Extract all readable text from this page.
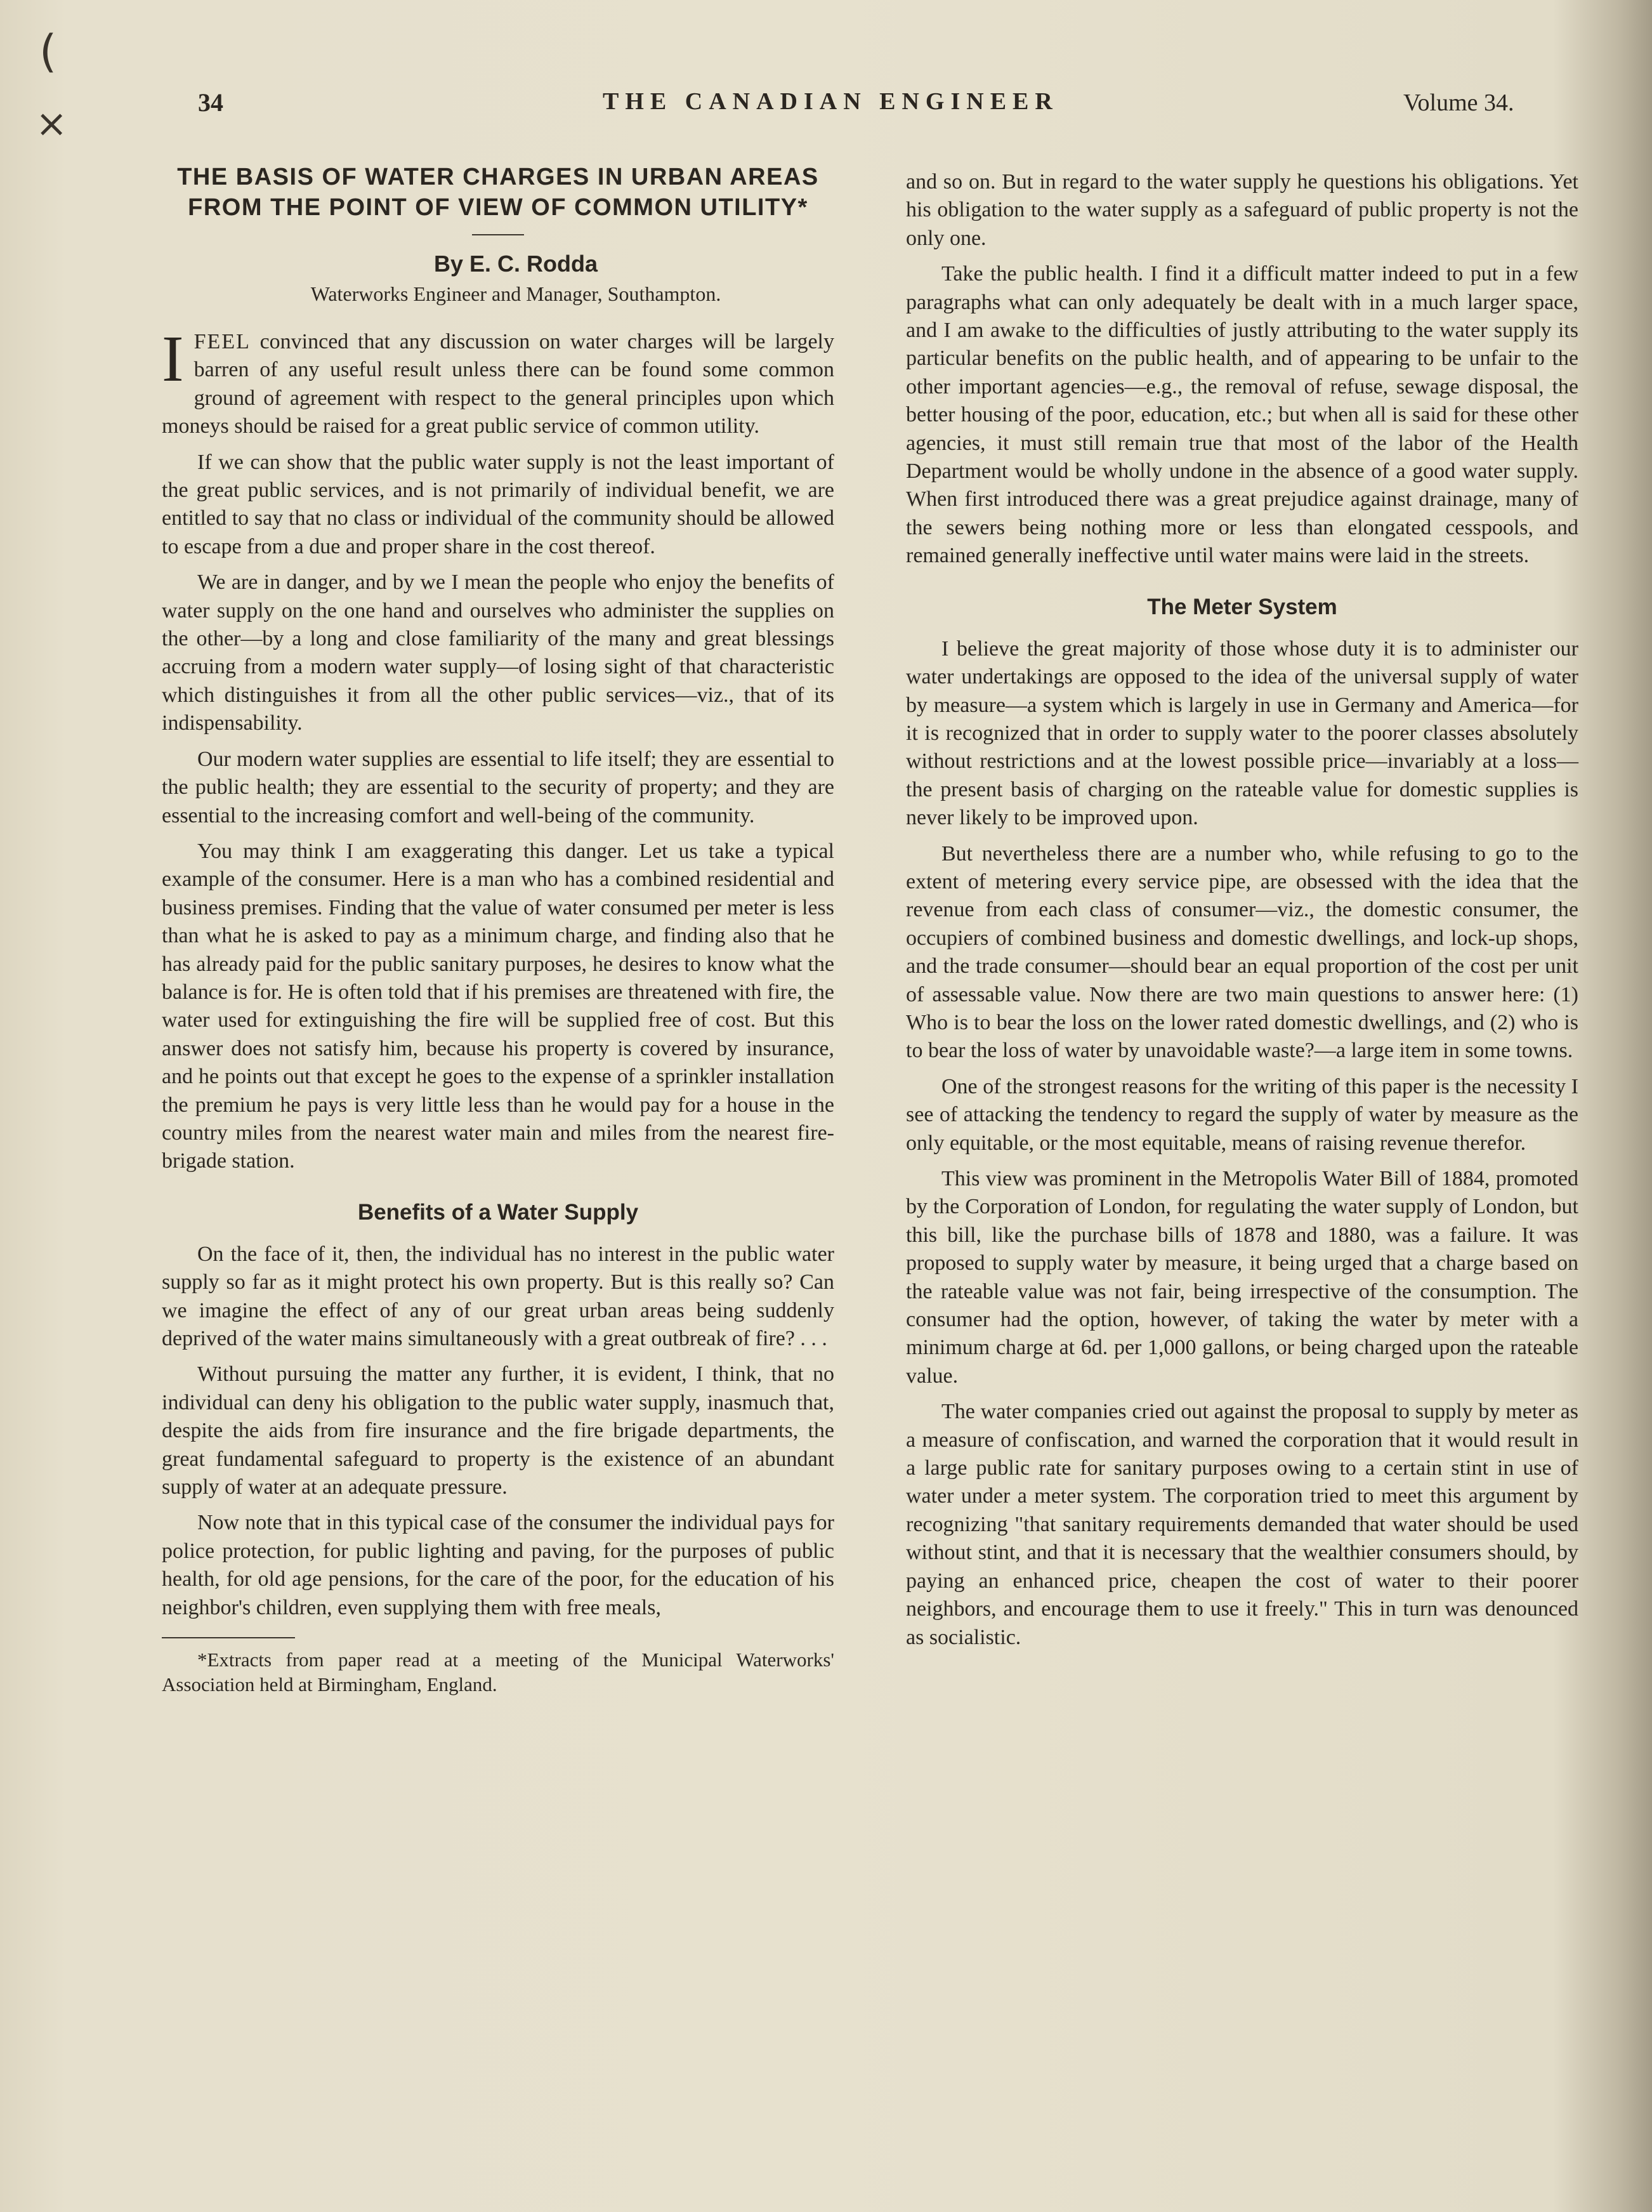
(
×	34	THE CANADIAN ENGINEER	Volume 34.
THE BASIS OF WATER CHARGES IN URBAN AREAS FROM THE POINT OF VIEW OF COMMON UTILITY*

By E. C. Rodda

Waterworks Engineer and Manager, Southampton.

IFEEL convinced that any discussion on water charges will be largely barren of any useful result unless there can be found some common ground of agreement with respect to the general principles upon which moneys should be raised for a great public service of common utility.

If we can show that the public water supply is not the least important of the great public services, and is not primarily of individual benefit, we are entitled to say that no class or individual of the community should be allowed to escape from a due and proper share in the cost thereof.

We are in danger, and by we I mean the people who enjoy the benefits of water supply on the one hand and ourselves who administer the supplies on the other—by a long and close familiarity of the many and great blessings accruing from a modern water supply—of losing sight of that characteristic which distinguishes it from all the other public services—viz., that of its indispensability.

Our modern water supplies are essential to life itself; they are essential to the public health; they are essential to the security of property; and they are essential to the increasing comfort and well-being of the community.

You may think I am exaggerating this danger. Let us take a typical example of the consumer. Here is a man who has a combined residential and business premises. Finding that the value of water consumed per meter is less than what he is asked to pay as a minimum charge, and finding also that he has already paid for the public sanitary purposes, he desires to know what the balance is for. He is often told that if his premises are threatened with fire, the water used for extinguishing the fire will be supplied free of cost. But this answer does not satisfy him, because his property is covered by insurance, and he points out that except he goes to the expense of a sprinkler installation the premium he pays is very little less than he would pay for a house in the country miles from the nearest water main and miles from the nearest fire-brigade station.

Benefits of a Water Supply

On the face of it, then, the individual has no interest in the public water supply so far as it might protect his own property. But is this really so? Can we imagine the effect of any of our great urban areas being suddenly deprived of the water mains simultaneously with a great outbreak of fire? . . .

Without pursuing the matter any further, it is evident, I think, that no individual can deny his obligation to the public water supply, inasmuch that, despite the aids from fire insurance and the fire brigade departments, the great fundamental safeguard to property is the existence of an abundant supply of water at an adequate pressure.

Now note that in this typical case of the consumer the individual pays for police protection, for public lighting and paving, for the purposes of public health, for old age pensions, for the care of the poor, for the education of his neighbor's children, even supplying them with free meals,

*Extracts from paper read at a meeting of the Municipal Waterworks' Association held at Birmingham, England.

and so on. But in regard to the water supply he questions his obligations. Yet his obligation to the water supply as a safeguard of public property is not the only one.

Take the public health. I find it a difficult matter indeed to put in a few paragraphs what can only adequately be dealt with in a much larger space, and I am awake to the difficulties of justly attributing to the water supply its particular benefits on the public health, and of appearing to be unfair to the other important agencies—e.g., the removal of refuse, sewage disposal, the better housing of the poor, education, etc.; but when all is said for these other agencies, it must still remain true that most of the labor of the Health Department would be wholly undone in the absence of a good water supply. When first introduced there was a great prejudice against drainage, many of the sewers being nothing more or less than elongated cesspools, and remained generally ineffective until water mains were laid in the streets.

The Meter System

I believe the great majority of those whose duty it is to administer our water undertakings are opposed to the idea of the universal supply of water by measure—a system which is largely in use in Germany and America—for it is recognized that in order to supply water to the poorer classes absolutely without restrictions and at the lowest possible price—invariably at a loss—the present basis of charging on the rateable value for domestic supplies is never likely to be improved upon.

But nevertheless there are a number who, while refusing to go to the extent of metering every service pipe, are obsessed with the idea that the revenue from each class of consumer—viz., the domestic consumer, the occupiers of combined business and domestic dwellings, and lock-up shops, and the trade consumer—should bear an equal proportion of the cost per unit of assessable value. Now there are two main questions to answer here: (1) Who is to bear the loss on the lower rated domestic dwellings, and (2) who is to bear the loss of water by unavoidable waste?—a large item in some towns.

One of the strongest reasons for the writing of this paper is the necessity I see of attacking the tendency to regard the supply of water by measure as the only equitable, or the most equitable, means of raising revenue therefor.

This view was prominent in the Metropolis Water Bill of 1884, promoted by the Corporation of London, for regulating the water supply of London, but this bill, like the purchase bills of 1878 and 1880, was a failure. It was proposed to supply water by measure, it being urged that a charge based on the rateable value was not fair, being irrespective of the consumption. The consumer had the option, however, of taking the water by meter with a minimum charge at 6d. per 1,000 gallons, or being charged upon the rateable value.

The water companies cried out against the proposal to supply by meter as a measure of confiscation, and warned the corporation that it would result in a large public rate for sanitary purposes owing to a certain stint in use of water under a meter system. The corporation tried to meet this argument by recognizing "that sanitary requirements demanded that water should be used without stint, and that it is necessary that the wealthier consumers should, by paying an enhanced price, cheapen the cost of water to their poorer neighbors, and encourage them to use it freely." This in turn was denounced as socialistic.
